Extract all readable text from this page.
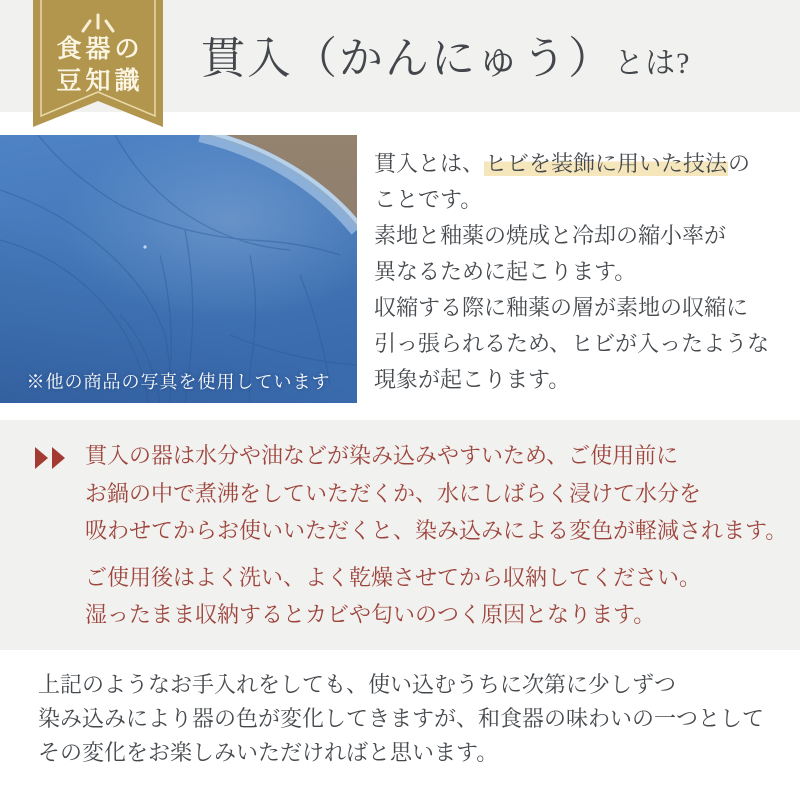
貫入（かんにゅう）とは?
食器の
豆知識
※他の商品の写真を使用しています
貫入とは、ヒビを装飾に用いた技法の
ことです。
素地と釉薬の焼成と冷却の縮小率が
異なるために起こります。
収縮する際に釉薬の層が素地の収縮に
引っ張られるため、ヒビが入ったような
現象が起こります。
貫入の器は水分や油などが染み込みやすいため、ご使用前に
お鍋の中で煮沸をしていただくか、水にしばらく浸けて水分を
吸わせてからお使いいただくと、染み込みによる変色が軽減されます。
ご使用後はよく洗い、よく乾燥させてから収納してください。
湿ったまま収納するとカビや匂いのつく原因となります。
上記のようなお手入れをしても、使い込むうちに次第に少しずつ
染み込みにより器の色が変化してきますが、和食器の味わいの一つとして
その変化をお楽しみいただければと思います。
